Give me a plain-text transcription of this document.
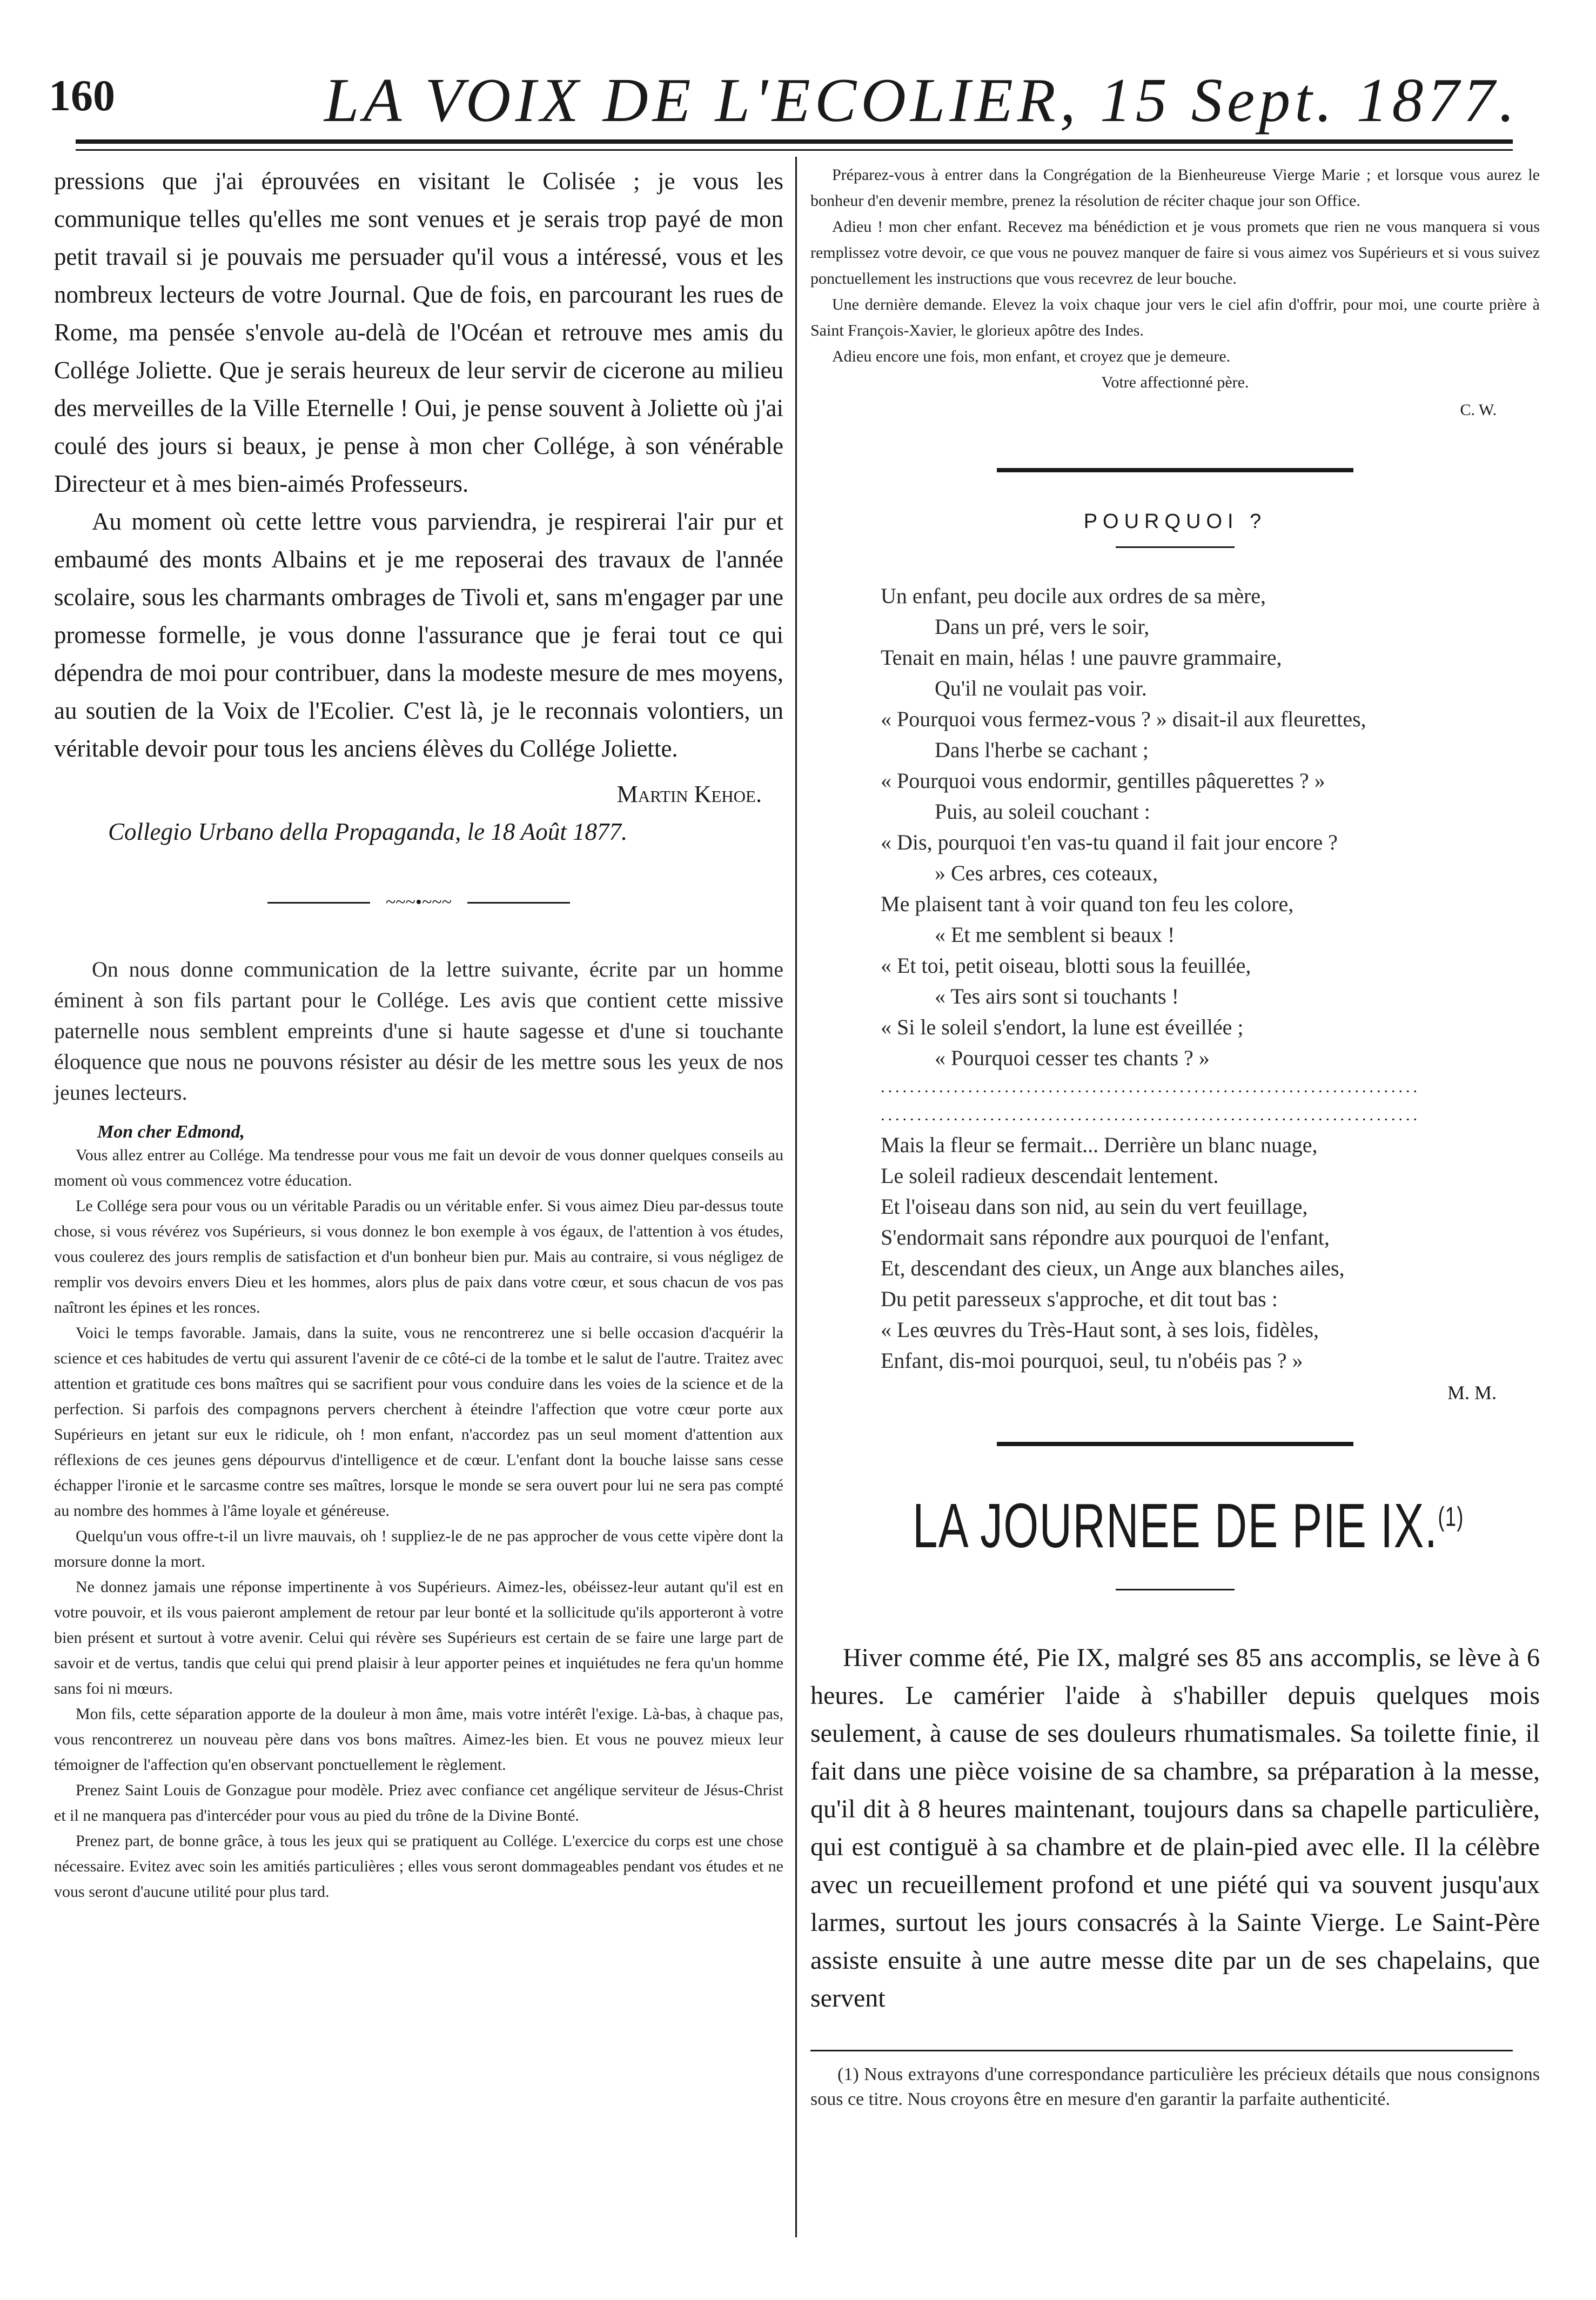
160	LA VOIX DE L'ECOLIER, 15 Sept. 1877.

pressions que j'ai éprouvées en visitant le Colisée ; je vous les communique telles qu'elles me sont venues et je serais trop payé de mon petit travail si je pouvais me persuader qu'il vous a intéressé, vous et les nombreux lecteurs de votre Journal. Que de fois, en parcourant les rues de Rome, ma pensée s'envole au-delà de l'Océan et retrouve mes amis du Collége Joliette. Que je serais heureux de leur servir de cicerone au milieu des merveilles de la Ville Eternelle ! Oui, je pense souvent à Joliette où j'ai coulé des jours si beaux, je pense à mon cher Collége, à son vénérable Directeur et à mes bien-aimés Professeurs.

Au moment où cette lettre vous parviendra, je respirerai l'air pur et embaumé des monts Albains et je me reposerai des travaux de l'année scolaire, sous les charmants ombrages de Tivoli et, sans m'engager par une promesse formelle, je vous donne l'assurance que je ferai tout ce qui dépendra de moi pour contribuer, dans la modeste mesure de mes moyens, au soutien de la Voix de l'Ecolier. C'est là, je le reconnais volontiers, un véritable devoir pour tous les anciens élèves du Collége Joliette.

Martin Kehoe.
Collegio Urbano della Propaganda, le 18 Août 1877.
~~~•~~~
On nous donne communication de la lettre suivante, écrite par un homme éminent à son fils partant pour le Collége. Les avis que contient cette missive paternelle nous semblent empreints d'une si haute sagesse et d'une si touchante éloquence que nous ne pouvons résister au désir de les mettre sous les yeux de nos jeunes lecteurs.
Mon cher Edmond,

Vous allez entrer au Collége. Ma tendresse pour vous me fait un devoir de vous donner quelques conseils au moment où vous commencez votre éducation.

Le Collége sera pour vous ou un véritable Paradis ou un véritable enfer. Si vous aimez Dieu par-dessus toute chose, si vous révérez vos Supérieurs, si vous donnez le bon exemple à vos égaux, de l'attention à vos études, vous coulerez des jours remplis de satisfaction et d'un bonheur bien pur. Mais au contraire, si vous négligez de remplir vos devoirs envers Dieu et les hommes, alors plus de paix dans votre cœur, et sous chacun de vos pas naîtront les épines et les ronces.

Voici le temps favorable. Jamais, dans la suite, vous ne rencontrerez une si belle occasion d'acquérir la science et ces habitudes de vertu qui assurent l'avenir de ce côté-ci de la tombe et le salut de l'autre. Traitez avec attention et gratitude ces bons maîtres qui se sacrifient pour vous conduire dans les voies de la science et de la perfection. Si parfois des compagnons pervers cherchent à éteindre l'affection que votre cœur porte aux Supérieurs en jetant sur eux le ridicule, oh ! mon enfant, n'accordez pas un seul moment d'attention aux réflexions de ces jeunes gens dépourvus d'intelligence et de cœur. L'enfant dont la bouche laisse sans cesse échapper l'ironie et le sarcasme contre ses maîtres, lorsque le monde se sera ouvert pour lui ne sera pas compté au nombre des hommes à l'âme loyale et généreuse.

Quelqu'un vous offre-t-il un livre mauvais, oh ! suppliez-le de ne pas approcher de vous cette vipère dont la morsure donne la mort.

Ne donnez jamais une réponse impertinente à vos Supérieurs. Aimez-les, obéissez-leur autant qu'il est en votre pouvoir, et ils vous paieront amplement de retour par leur bonté et la sollicitude qu'ils apporteront à votre bien présent et surtout à votre avenir. Celui qui révère ses Supérieurs est certain de se faire une large part de savoir et de vertus, tandis que celui qui prend plaisir à leur apporter peines et inquiétudes ne fera qu'un homme sans foi ni mœurs.

Mon fils, cette séparation apporte de la douleur à mon âme, mais votre intérêt l'exige. Là-bas, à chaque pas, vous rencontrerez un nouveau père dans vos bons maîtres. Aimez-les bien. Et vous ne pouvez mieux leur témoigner de l'affection qu'en observant ponctuellement le règlement.

Prenez Saint Louis de Gonzague pour modèle. Priez avec confiance cet angélique serviteur de Jésus-Christ et il ne manquera pas d'intercéder pour vous au pied du trône de la Divine Bonté.

Prenez part, de bonne grâce, à tous les jeux qui se pratiquent au Collége. L'exercice du corps est une chose nécessaire. Evitez avec soin les amitiés particulières ; elles vous seront dommageables pendant vos études et ne vous seront d'aucune utilité pour plus tard.

Préparez-vous à entrer dans la Congrégation de la Bienheureuse Vierge Marie ; et lorsque vous aurez le bonheur d'en devenir membre, prenez la résolution de réciter chaque jour son Office.

Adieu ! mon cher enfant. Recevez ma bénédiction et je vous promets que rien ne vous manquera si vous remplissez votre devoir, ce que vous ne pouvez manquer de faire si vous aimez vos Supérieurs et si vous suivez ponctuellement les instructions que vous recevrez de leur bouche.

Une dernière demande. Elevez la voix chaque jour vers le ciel afin d'offrir, pour moi, une courte prière à Saint François-Xavier, le glorieux apôtre des Indes.

Adieu encore une fois, mon enfant, et croyez que je demeure.

Votre affectionné père.

C. W.
POURQUOI ?
Un enfant, peu docile aux ordres de sa mère,
Dans un pré, vers le soir,
Tenait en main, hélas ! une pauvre grammaire,
Qu'il ne voulait pas voir.
« Pourquoi vous fermez-vous ? » disait-il aux fleurettes,
Dans l'herbe se cachant ;
« Pourquoi vous endormir, gentilles pâquerettes ? »
Puis, au soleil couchant :
« Dis, pourquoi t'en vas-tu quand il fait jour encore ?
» Ces arbres, ces coteaux,
Me plaisent tant à voir quand ton feu les colore,
« Et me semblent si beaux !
« Et toi, petit oiseau, blotti sous la feuillée,
« Tes airs sont si touchants !
« Si le soleil s'endort, la lune est éveillée ;
« Pourquoi cesser tes chants ? »
..........................................................................
..........................................................................
Mais la fleur se fermait... Derrière un blanc nuage,
Le soleil radieux descendait lentement.
Et l'oiseau dans son nid, au sein du vert feuillage,
S'endormait sans répondre aux pourquoi de l'enfant,
Et, descendant des cieux, un Ange aux blanches ailes,
Du petit paresseux s'approche, et dit tout bas :
« Les œuvres du Très-Haut sont, à ses lois, fidèles,
Enfant, dis-moi pourquoi, seul, tu n'obéis pas ? »
M. M.
LA JOURNEE DE PIE IX.$^{(1)}$
Hiver comme été, Pie IX, malgré ses 85 ans accomplis, se lève à 6 heures. Le camérier l'aide à s'habiller depuis quelques mois seulement, à cause de ses douleurs rhumatismales. Sa toilette finie, il fait dans une pièce voisine de sa chambre, sa préparation à la messe, qu'il dit à 8 heures maintenant, toujours dans sa chapelle particulière, qui est contiguë à sa chambre et de plain-pied avec elle. Il la célèbre avec un recueillement profond et une piété qui va souvent jusqu'aux larmes, surtout les jours consacrés à la Sainte Vierge. Le Saint-Père assiste ensuite à une autre messe dite par un de ses chapelains, que servent
(1) Nous extrayons d'une correspondance particulière les précieux détails que nous consignons sous ce titre. Nous croyons être en mesure d'en garantir la parfaite authenticité.
